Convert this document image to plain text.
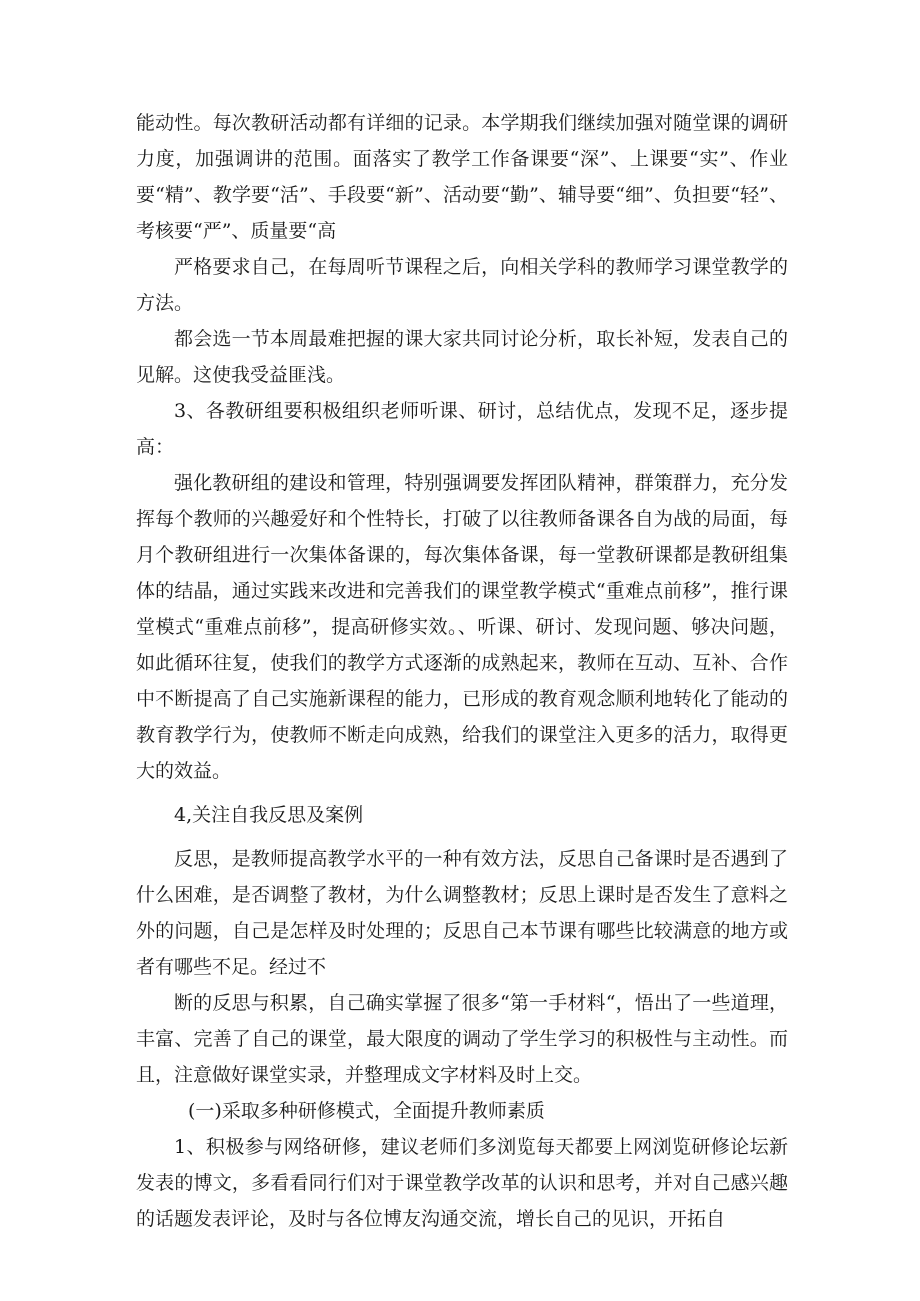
能动性。每次教研活动都有详细的记录。本学期我们继续加强对随堂课的调研力度，加强调讲的范围。面落实了教学工作备课要“深”、上课要“实”、作业要“精”、教学要“活”、手段要“新”、活动要“勤”、辅导要“细”、负担要“轻”、考核要“严”、质量要“高

严格要求自己，在每周听节课程之后，向相关学科的教师学习课堂教学的方法。

都会选一节本周最难把握的课大家共同讨论分析，取长补短，发表自己的见解。这使我受益匪浅。

3、各教研组要积极组织老师听课、研讨，总结优点，发现不足，逐步提高：

强化教研组的建设和管理，特别强调要发挥团队精神，群策群力，充分发挥每个教师的兴趣爱好和个性特长，打破了以往教师备课各自为战的局面，每月个教研组进行一次集体备课的，每次集体备课，每一堂教研课都是教研组集体的结晶，通过实践来改进和完善我们的课堂教学模式“重难点前移”，推行课堂模式“重难点前移”，提高研修实效。、听课、研讨、发现问题、够决问题，如此循环往复，使我们的教学方式逐渐的成熟起来，教师在互动、互补、合作中不断提高了自己实施新课程的能力，已形成的教育观念顺利地转化了能动的教育教学行为，使教师不断走向成熟，给我们的课堂注入更多的活力，取得更大的效益。

4,关注自我反思及案例

反思，是教师提高教学水平的一种有效方法，反思自己备课时是否遇到了什么困难，是否调整了教材，为什么调整教材；反思上课时是否发生了意料之外的问题，自己是怎样及时处理的；反思自己本节课有哪些比较满意的地方或者有哪些不足。经过不

断的反思与积累，自己确实掌握了很多“第一手材料“，悟出了一些道理，丰富、完善了自己的课堂，最大限度的调动了学生学习的积极性与主动性。而且，注意做好课堂实录，并整理成文字材料及时上交。

(一)采取多种研修模式，全面提升教师素质

1、积极参与网络研修，建议老师们多浏览每天都要上网浏览研修论坛新发表的博文，多看看同行们对于课堂教学改革的认识和思考，并对自己感兴趣的话题发表评论，及时与各位博友沟通交流，增长自己的见识，开拓自
